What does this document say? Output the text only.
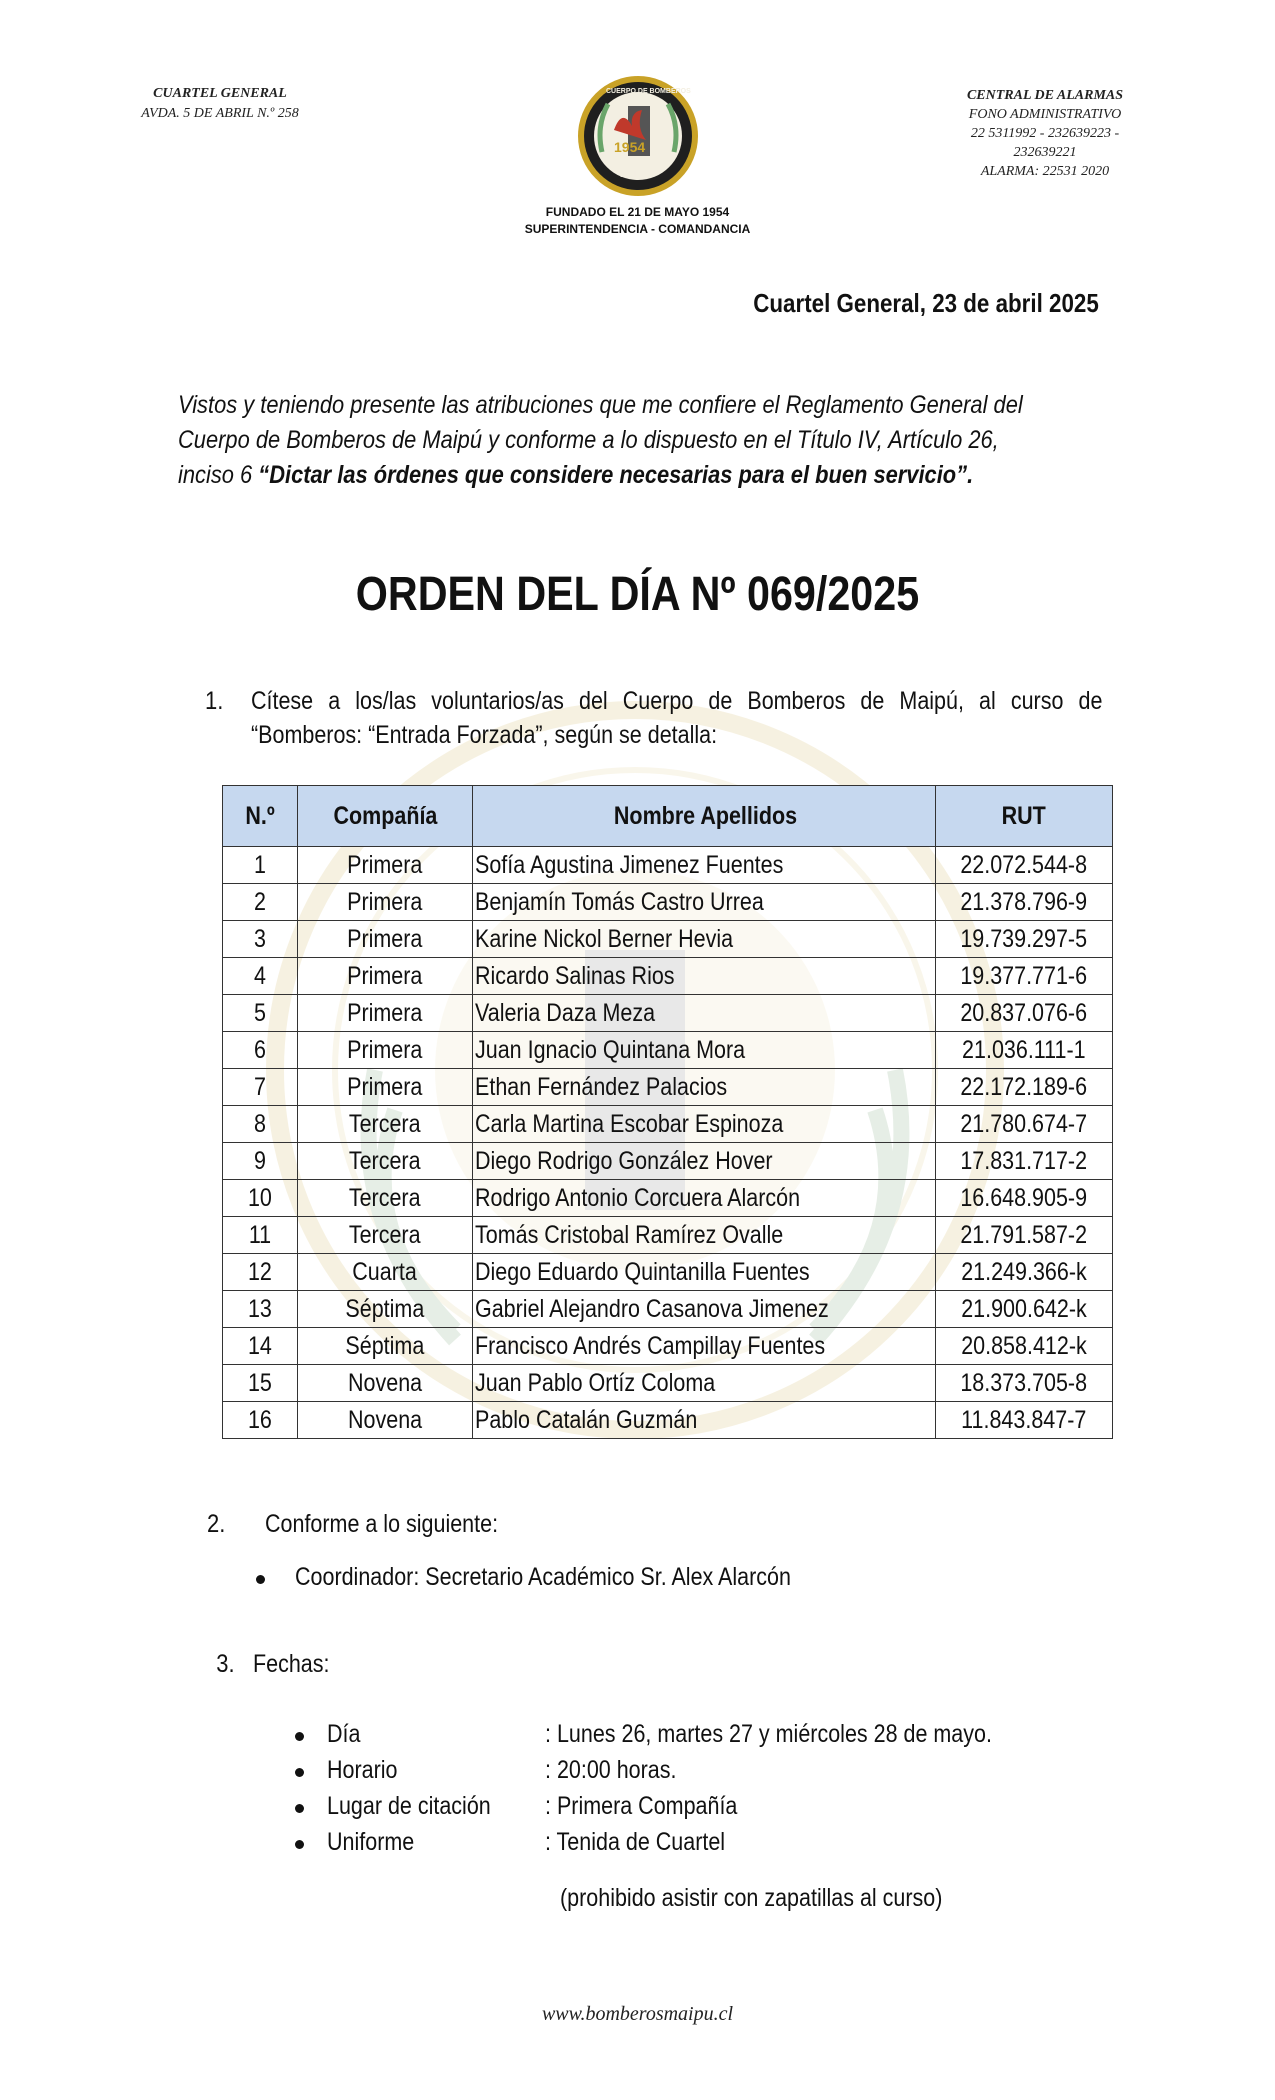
CUARTEL GENERAL
AVDA. 5 DE ABRIL N.º 258
1954
MAIPU
CUERPO DE BOMBEROS
FUNDADO EL 21 DE MAYO 1954
SUPERINTENDENCIA - COMANDANCIA
CENTRAL DE ALARMAS
FONO ADMINISTRATIVO
22 5311992 - 232639223 -
232639221
ALARMA: 22531 2020
Cuartel General, 23 de abril 2025
Vistos y teniendo presente las atribuciones que me confiere el Reglamento General del Cuerpo de Bomberos de Maipú y conforme a lo dispuesto en el Título IV, Artículo 26, inciso 6 “Dictar las órdenes que considere necesarias para el buen servicio”.
ORDEN DEL DÍA Nº 069/2025
1. Cítese a los/las voluntarios/as del Cuerpo de Bomberos de Maipú, al curso de “Bomberos: “Entrada Forzada”, según se detalla:
N.º	Compañía	Nombre Apellidos	RUT
1	Primera	Sofía Agustina Jimenez Fuentes	22.072.544-8
2	Primera	Benjamín Tomás Castro Urrea	21.378.796-9
3	Primera	Karine Nickol Berner Hevia	19.739.297-5
4	Primera	Ricardo Salinas Rios	19.377.771-6
5	Primera	Valeria Daza Meza	20.837.076-6
6	Primera	Juan Ignacio Quintana Mora	21.036.111-1
7	Primera	Ethan Fernández Palacios	22.172.189-6
8	Tercera	Carla Martina Escobar Espinoza	21.780.674-7
9	Tercera	Diego Rodrigo González Hover	17.831.717-2
10	Tercera	Rodrigo Antonio Corcuera Alarcón	16.648.905-9
11	Tercera	Tomás Cristobal Ramírez Ovalle	21.791.587-2
12	Cuarta	Diego Eduardo Quintanilla Fuentes	21.249.366-k
13	Séptima	Gabriel Alejandro Casanova Jimenez	21.900.642-k
14	Séptima	Francisco Andrés Campillay Fuentes	20.858.412-k
15	Novena	Juan Pablo Ortíz Coloma	18.373.705-8
16	Novena	Pablo Catalán Guzmán	11.843.847-7
2. Conforme a lo siguiente:
Coordinador: Secretario Académico Sr. Alex Alarcón
3. Fechas:
Día	: Lunes 26, martes 27 y miércoles 28 de mayo.
Horario	: 20:00 horas.
Lugar de citación : Primera Compañía
Uniforme	: Tenida de Cuartel
(prohibido asistir con zapatillas al curso)
www.bomberosmaipu.cl
